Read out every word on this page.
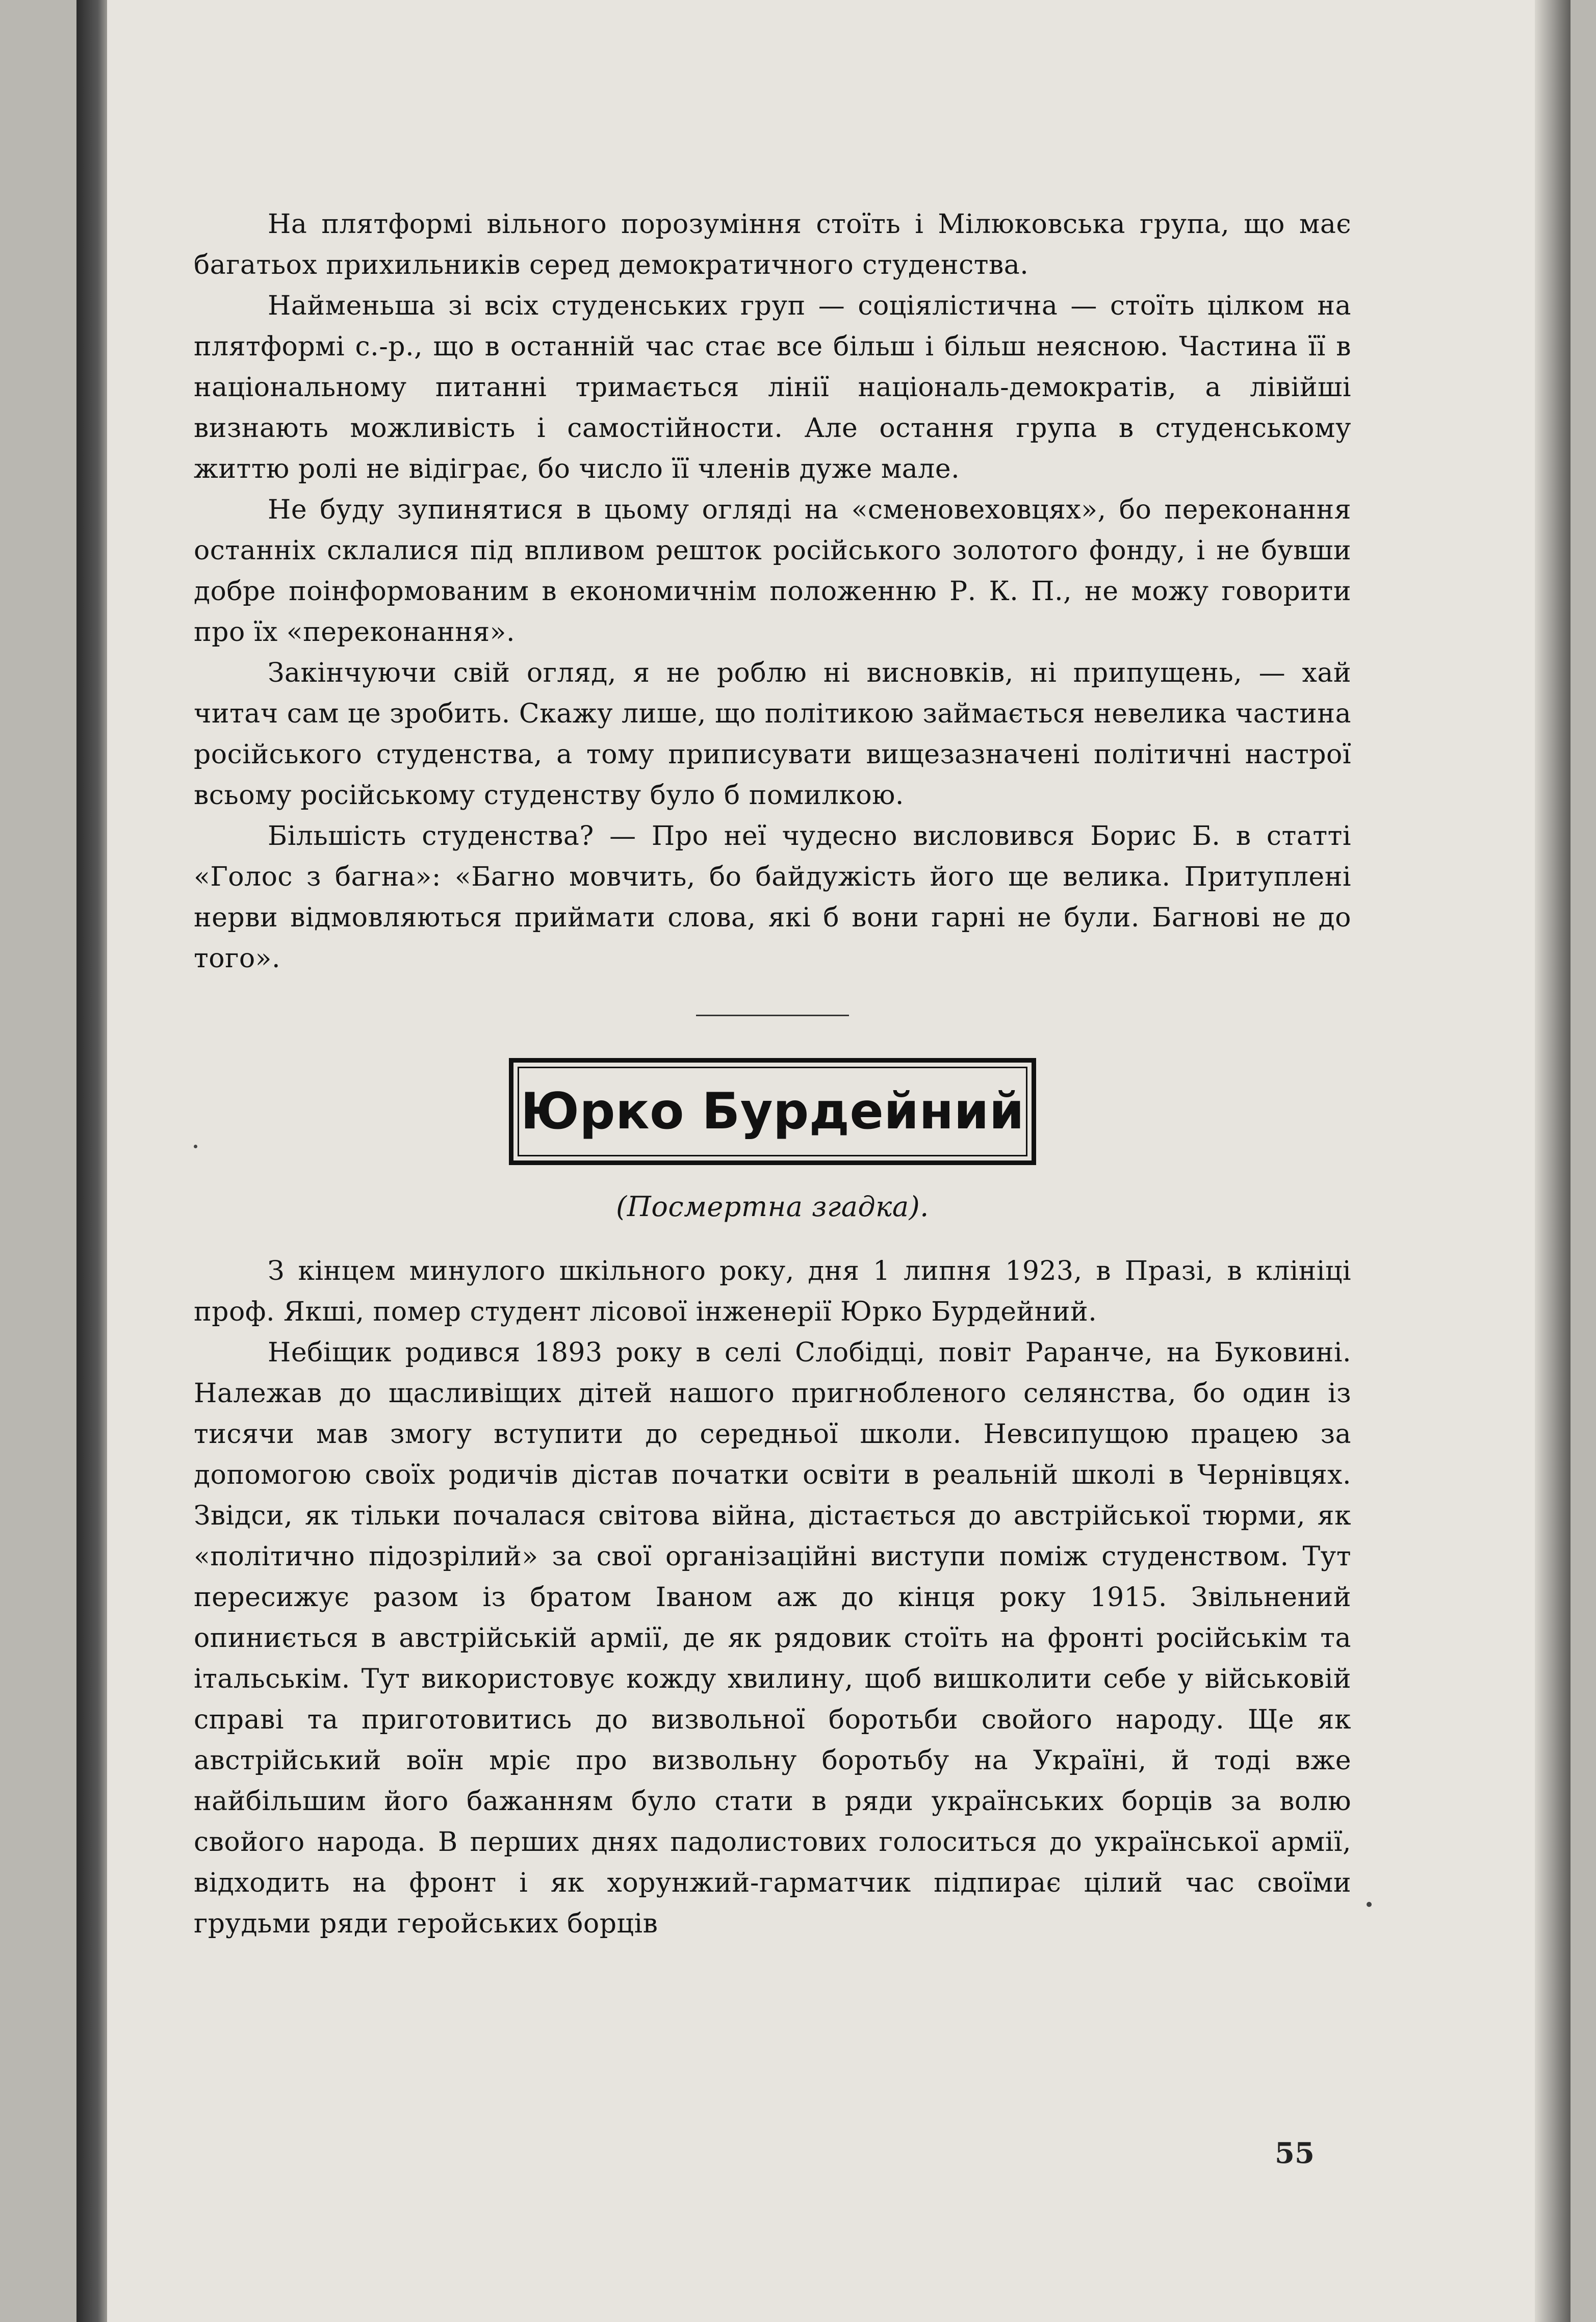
На плятформі вільного порозуміння стоїть і Мілюковська група, що має багатьох прихильників серед демократичного студенства.

Найменьша зі всіх студенських груп — соціялістична — стоїть цілком на плятформі с.-р., що в останній час стає все більш і більш неясною. Частина її в національному питанні тримається лінії національ-демократів, а лівійші визнають можливість і самостійности. Але остання група в студенському життю ролі не відіграє, бо число її членів дуже мале.

Не буду зупинятися в цьому огляді на «сменовеховцях», бо переконання останніх склалися під впливом решток російського золотого фонду, і не бувши добре поінформованим в економичнім положенню Р. К. П., не можу говорити про їх «переконання».

Закінчуючи свій огляд, я не роблю ні висновків, ні припущень, — хай читач сам це зробить. Скажу лише, що політикою займається невелика частина російського студенства, а тому приписувати вищезазначені політичні настрої всьому російському студенству було б помилкою.

Більшість студенства? — Про неї чудесно висловився Борис Б. в статті «Голос з багна»: «Багно мовчить, бо байдужість його ще велика. Притуплені нерви відмовляються приймати слова, які б вони гарні не були. Багнові не до того».

Юрко Бурдейний
(Посмертна згадка).

З кінцем минулого шкільного року, дня 1 липня 1923, в Празі, в клініці проф. Якші, помер студент лісової інженерії Юрко Бурдейний.

Небіщик родився 1893 року в селі Слобідці, повіт Раранче, на Буковині. Належав до щасливіщих дітей нашого пригнобленого селянства, бо один із тисячи мав змогу вступити до середньої школи. Невсипущою працею за допомогою своїх родичів дістав початки освіти в реальній школі в Чернівцях. Звідси, як тільки почалася світова війна, дістається до австрійської тюрми, як «політично підозрілий» за свої організаційні виступи поміж студенством. Тут пересижує разом із братом Іваном аж до кінця року 1915. Звільнений опиниється в австрійській армії, де як рядовик стоїть на фронті російськім та італьськім. Тут використовує кожду хвилину, щоб вишколити себе у військовій справі та приготовитись до визвольної боротьби свойого народу. Ще як австрійський воїн мріє про визвольну боротьбу на Україні, й тоді вже найбільшим його бажанням було стати в ряди українських борців за волю свойого народа. В перших днях падолистових голоситься до української армії, відходить на фронт і як хорунжий-гарматчик підпирає цілий час своїми грудьми ряди геройських борців

55
